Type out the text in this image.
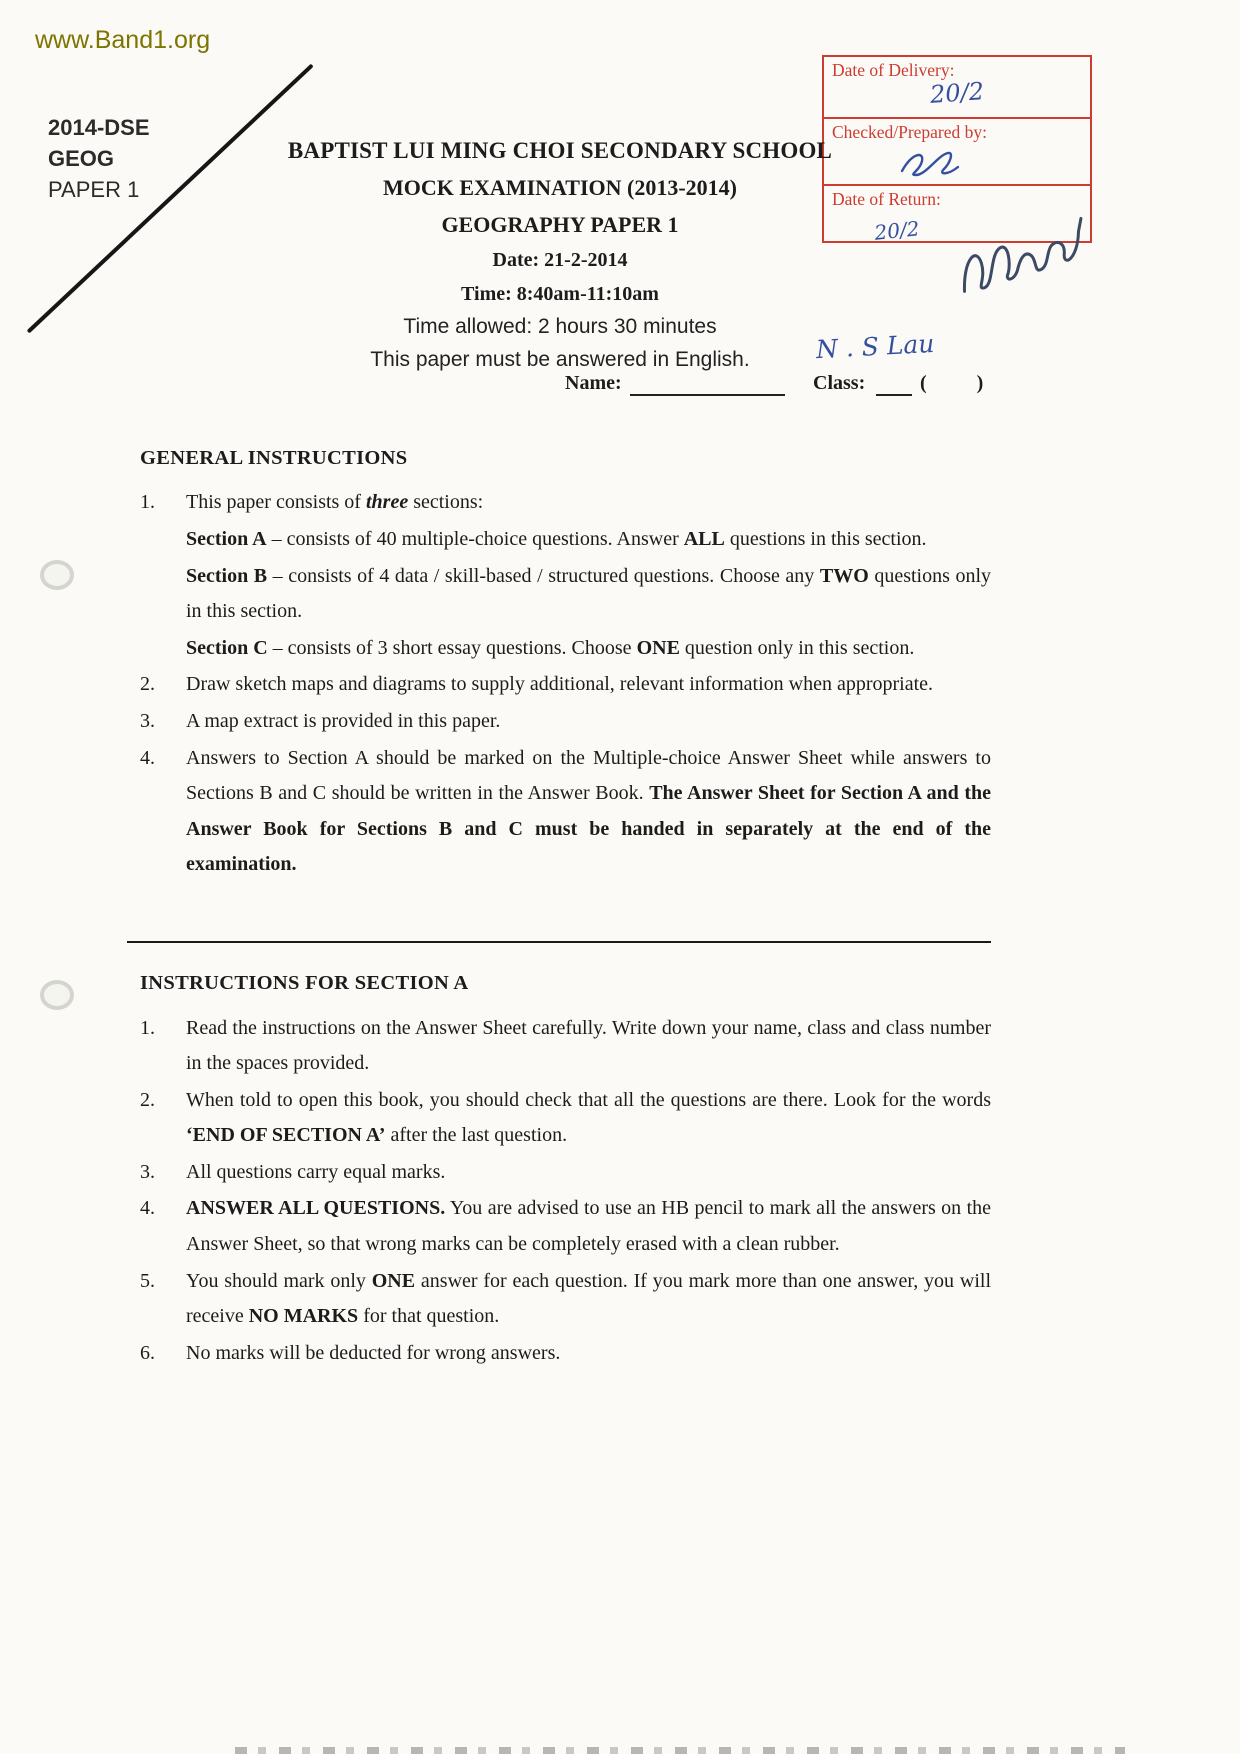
www.Band1.org
2014-DSE
GEOG
PAPER 1
Date of Delivery:
20/2
Checked/Prepared by:
Date of Return:
20/2
N . S Lau
BAPTIST LUI MING CHOI SECONDARY SCHOOL
MOCK EXAMINATION (2013-2014)
GEOGRAPHY PAPER 1
Date: 21-2-2014
Time: 8:40am-11:10am
Time allowed: 2 hours 30 minutes
This paper must be answered in English.
Name:	Class:	(          )
GENERAL INSTRUCTIONS
1.	This paper consists of three sections:
Section A – consists of 40 multiple-choice questions. Answer ALL questions in this section.
Section B – consists of 4 data / skill-based / structured questions. Choose any TWO questions only in this section.
Section C – consists of 3 short essay questions. Choose ONE question only in this section.
2.	Draw sketch maps and diagrams to supply additional, relevant information when appropriate.
3.	A map extract is provided in this paper.
4.	Answers to Section A should be marked on the Multiple-choice Answer Sheet while answers to Sections B and C should be written in the Answer Book. The Answer Sheet for Section A and the Answer Book for Sections B and C must be handed in separately at the end of the examination.
INSTRUCTIONS FOR SECTION A
1.	Read the instructions on the Answer Sheet carefully. Write down your name, class and class number in the spaces provided.
2.	When told to open this book, you should check that all the questions are there. Look for the words ‘END OF SECTION A’ after the last question.
3.	All questions carry equal marks.
4.	ANSWER ALL QUESTIONS. You are advised to use an HB pencil to mark all the answers on the Answer Sheet, so that wrong marks can be completely erased with a clean rubber.
5.	You should mark only ONE answer for each question. If you mark more than one answer, you will receive NO MARKS for that question.
6.	No marks will be deducted for wrong answers.
